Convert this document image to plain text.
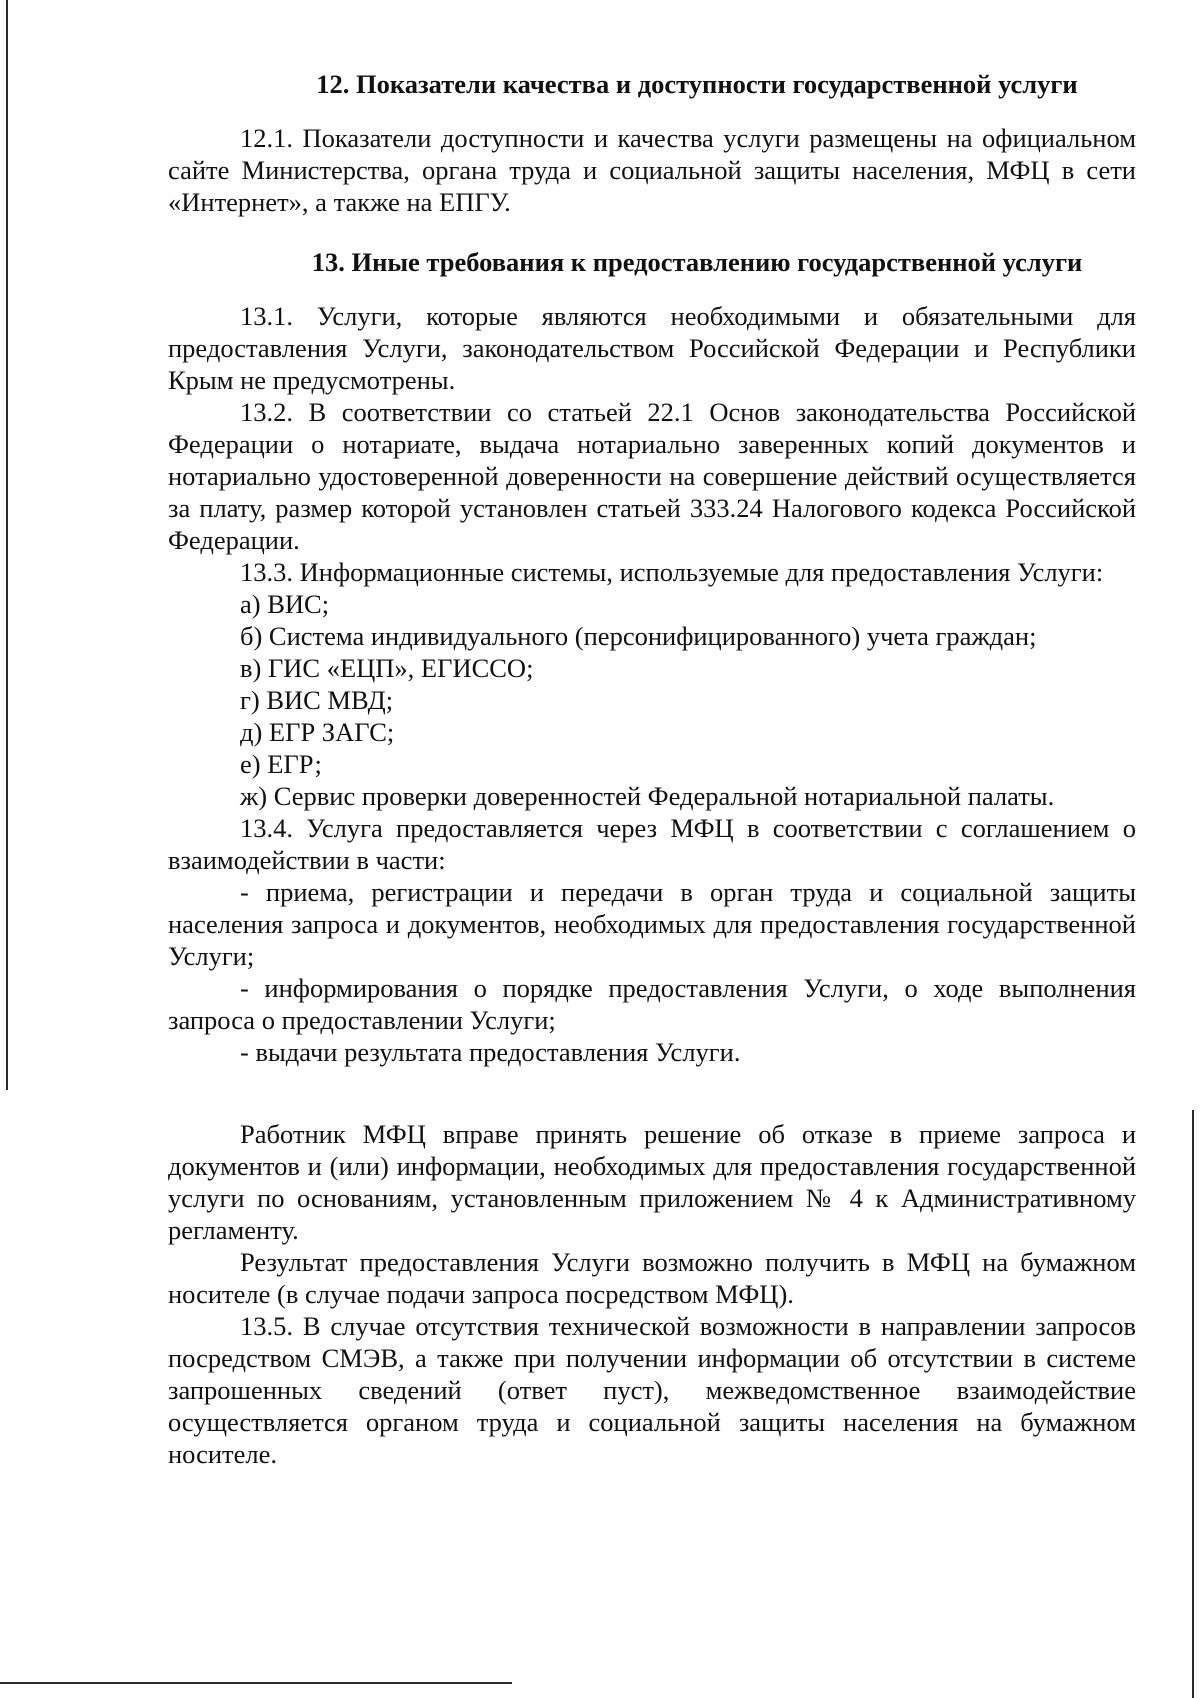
12. Показатели качества и доступности государственной услуги

12.1. Показатели доступности и качества услуги размещены на официальном сайте Министерства, органа труда и социальной защиты населения, МФЦ в сети «Интернет», а также на ЕПГУ.

13. Иные требования к предоставлению государственной услуги

13.1. Услуги, которые являются необходимыми и обязательными для предоставления Услуги, законодательством Российской Федерации и Республики Крым не предусмотрены.

13.2. В соответствии со статьей 22.1 Основ законодательства Российской Федерации о нотариате, выдача нотариально заверенных копий документов и нотариально удостоверенной доверенности на совершение действий осуществляется за плату, размер которой установлен статьей 333.24 Налогового кодекса Российской Федерации.

13.3. Информационные системы, используемые для предоставления Услуги:

а) ВИС;

б) Система индивидуального (персонифицированного) учета граждан;

в) ГИС «ЕЦП», ЕГИССО;

г) ВИС МВД;

д) ЕГР ЗАГС;

е) ЕГР;

ж) Сервис проверки доверенностей Федеральной нотариальной палаты.

13.4. Услуга предоставляется через МФЦ в соответствии с соглашением о взаимодействии в части:

- приема, регистрации и передачи в орган труда и социальной защиты населения запроса и документов, необходимых для предоставления государственной Услуги;

- информирования о порядке предоставления Услуги, о ходе выполнения запроса о предоставлении Услуги;

- выдачи результата предоставления Услуги.

Работник МФЦ вправе принять решение об отказе в приеме запроса и документов и (или) информации, необходимых для предоставления государственной услуги по основаниям, установленным приложением № 4 к Административному регламенту.

Результат предоставления Услуги возможно получить в МФЦ на бумажном носителе (в случае подачи запроса посредством МФЦ).

13.5. В случае отсутствия технической возможности в направлении запросов посредством СМЭВ, а также при получении информации об отсутствии в системе запрошенных сведений (ответ пуст), межведомственное взаимодействие осуществляется органом труда и социальной защиты населения на бумажном носителе.
